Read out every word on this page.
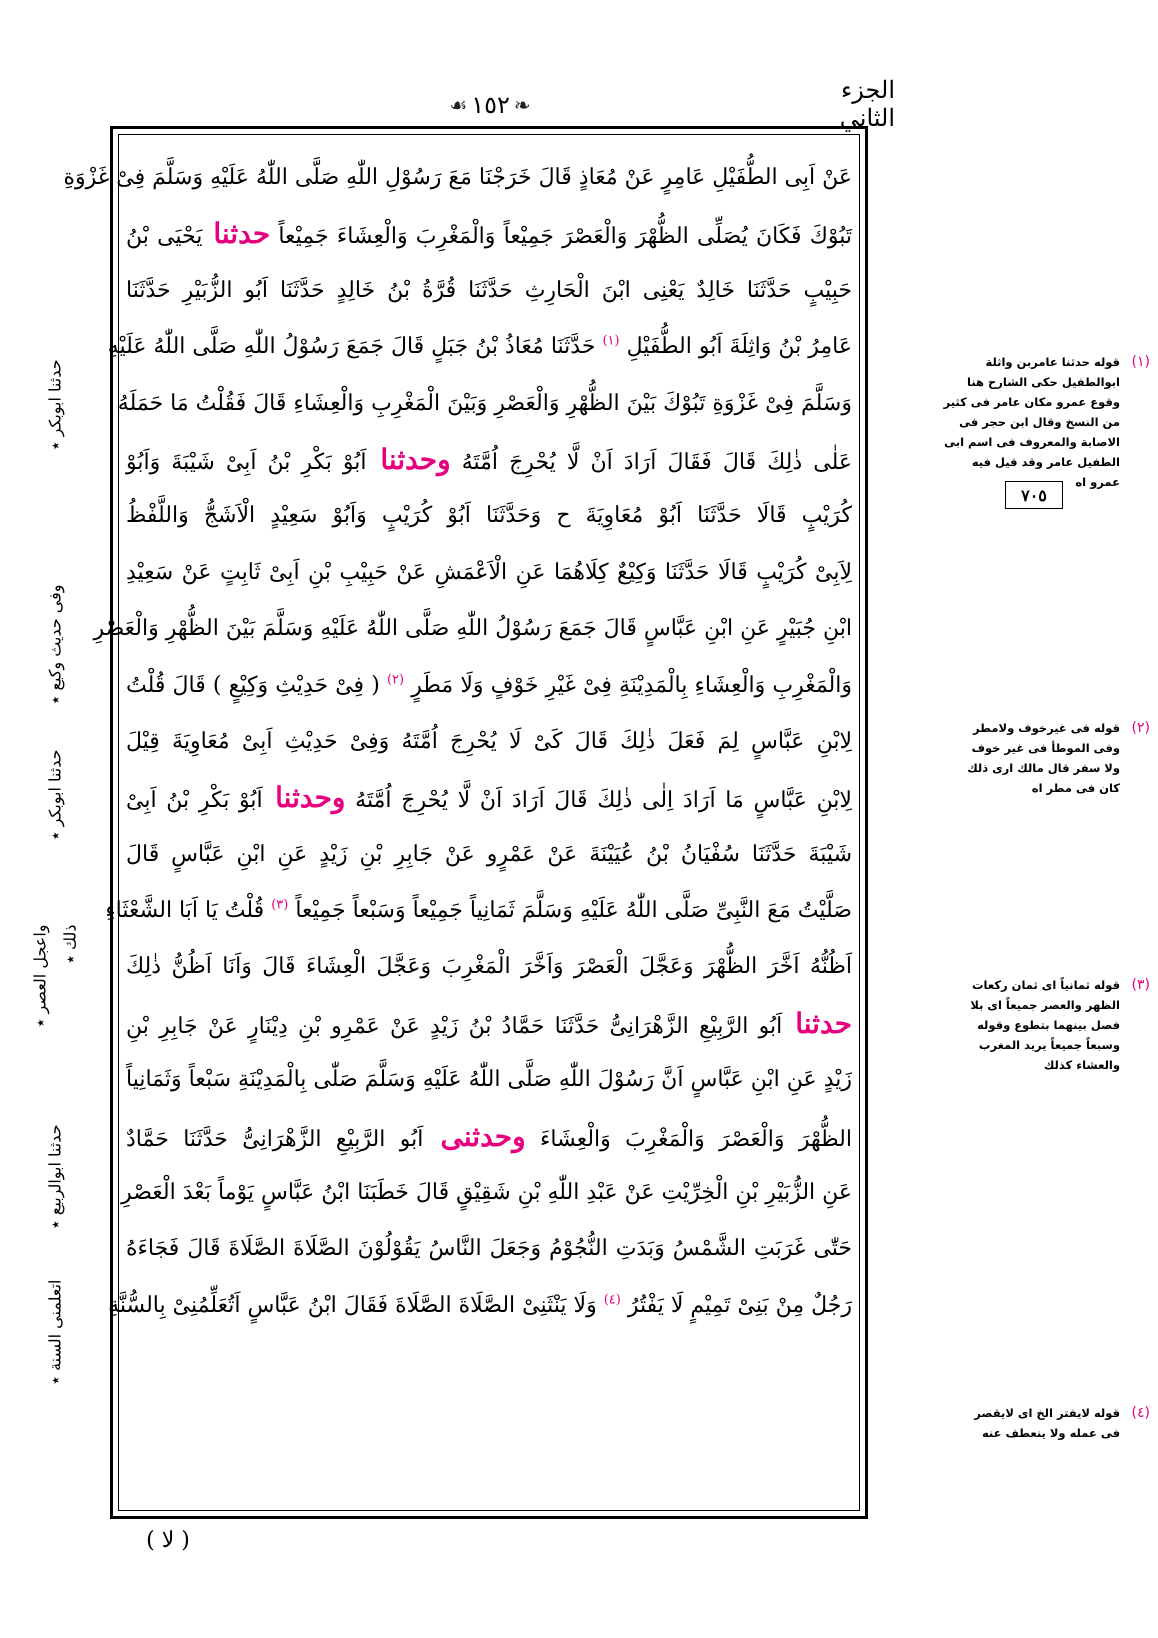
الجزء الثاني
❧
١٥٢
☙
عَنْ اَبِى الطُّفَيْلِ عَامِرٍ عَنْ مُعَاذٍ قَالَ خَرَجْنَا مَعَ رَسُوْلِ اللّٰهِ صَلَّى اللّٰهُ عَلَيْهِ وَسَلَّمَ فِىْ غَزْوَةِ
تَبُوْكَ فَكَانَ يُصَلِّى الظُّهْرَ وَالْعَصْرَ جَمِيْعاً وَالْمَغْرِبَ وَالْعِشَاءَ جَمِيْعاً حدثنا يَحْيَى بْنُ
حَبِيْبٍ حَدَّثَنَا خَالِدٌ يَعْنِى ابْنَ الْحَارِثِ حَدَّثَنَا قُرَّةُ بْنُ خَالِدٍ حَدَّثَنَا اَبُو الزُّبَيْرِ حَدَّثَنَا
عَامِرُ بْنُ وَاثِلَةَ اَبُو الطُّفَيْلِ $^{(١)}$ حَدَّثَنَا مُعَاذُ بْنُ جَبَلٍ قَالَ جَمَعَ رَسُوْلُ اللّٰهِ صَلَّى اللّٰهُ عَلَيْهِ
وَسَلَّمَ فِىْ غَزْوَةِ تَبُوْكَ بَيْنَ الظُّهْرِ وَالْعَصْرِ وَبَيْنَ الْمَغْرِبِ وَالْعِشَاءِ قَالَ فَقُلْتُ مَا حَمَلَهُ
عَلٰى ذٰلِكَ قَالَ فَقَالَ اَرَادَ اَنْ لَّا يُحْرِجَ اُمَّتَهُ وحدثنا اَبُوْ بَكْرِ بْنُ اَبِىْ شَيْبَةَ وَاَبُوْ
كُرَيْبٍ قَالَا حَدَّثَنَا اَبُوْ مُعَاوِيَةَ ح وَحَدَّثَنَا اَبُوْ كُرَيْبٍ وَاَبُوْ سَعِيْدٍ الْاَشَجُّ وَاللَّفْظُ
لِاَبِىْ كُرَيْبٍ قَالَا حَدَّثَنَا وَكِيْعٌ كِلَاهُمَا عَنِ الْاَعْمَشِ عَنْ حَبِيْبِ بْنِ اَبِىْ ثَابِتٍ عَنْ سَعِيْدِ
ابْنِ جُبَيْرٍ عَنِ ابْنِ عَبَّاسٍ قَالَ جَمَعَ رَسُوْلُ اللّٰهِ صَلَّى اللّٰهُ عَلَيْهِ وَسَلَّمَ بَيْنَ الظُّهْرِ وَالْعَصْرِ
وَالْمَغْرِبِ وَالْعِشَاءِ بِالْمَدِيْنَةِ فِىْ غَيْرِ خَوْفٍ وَلَا مَطَرٍ $^{(٢)}$ ( فِىْ حَدِيْثِ وَكِيْعٍ ) قَالَ قُلْتُ
لِابْنِ عَبَّاسٍ لِمَ فَعَلَ ذٰلِكَ قَالَ كَىْ لَا يُحْرِجَ اُمَّتَهُ وَفِىْ حَدِيْثِ اَبِىْ مُعَاوِيَةَ قِيْلَ
لِابْنِ عَبَّاسٍ مَا اَرَادَ اِلٰى ذٰلِكَ قَالَ اَرَادَ اَنْ لَّا يُحْرِجَ اُمَّتَهُ وحدثنا اَبُوْ بَكْرِ بْنُ اَبِىْ
شَيْبَةَ حَدَّثَنَا سُفْيَانُ بْنُ عُيَيْنَةَ عَنْ عَمْرٍو عَنْ جَابِرِ بْنِ زَيْدٍ عَنِ ابْنِ عَبَّاسٍ قَالَ
صَلَّيْتُ مَعَ النَّبِىِّ صَلَّى اللّٰهُ عَلَيْهِ وَسَلَّمَ ثَمَانِياً جَمِيْعاً وَسَبْعاً جَمِيْعاً $^{(٣)}$ قُلْتُ يَا اَبَا الشَّعْثَاءِ
اَظُنُّهُ اَخَّرَ الظُّهْرَ وَعَجَّلَ الْعَصْرَ وَاَخَّرَ الْمَغْرِبَ وَعَجَّلَ الْعِشَاءَ قَالَ وَاَنَا اَظُنُّ ذٰلِكَ
حدثنا اَبُو الرَّبِيْعِ الزَّهْرَانِىُّ حَدَّثَنَا حَمَّادُ بْنُ زَيْدٍ عَنْ عَمْرِو بْنِ دِيْنَارٍ عَنْ جَابِرِ بْنِ
زَيْدٍ عَنِ ابْنِ عَبَّاسٍ اَنَّ رَسُوْلَ اللّٰهِ صَلَّى اللّٰهُ عَلَيْهِ وَسَلَّمَ صَلّٰى بِالْمَدِيْنَةِ سَبْعاً وَثَمَانِياً
الظُّهْرَ وَالْعَصْرَ وَالْمَغْرِبَ وَالْعِشَاءَ وحدثنى اَبُو الرَّبِيْعِ الزَّهْرَانِىُّ حَدَّثَنَا حَمَّادٌ
عَنِ الزُّبَيْرِ بْنِ الْخِرِّيْتِ عَنْ عَبْدِ اللّٰهِ بْنِ شَقِيْقٍ قَالَ خَطَبَنَا ابْنُ عَبَّاسٍ يَوْماً بَعْدَ الْعَصْرِ
حَتّٰى غَرَبَتِ الشَّمْسُ وَبَدَتِ النُّجُوْمُ وَجَعَلَ النَّاسُ يَقُوْلُوْنَ الصَّلَاةَ الصَّلَاةَ قَالَ فَجَاءَهُ
رَجُلٌ مِنْ بَنِىْ تَمِيْمٍ لَا يَفْتُرُ $^{(٤)}$ وَلَا يَنْثَنِىْ الصَّلَاةَ الصَّلَاةَ فَقَالَ ابْنُ عَبَّاسٍ اَتُعَلِّمُنِىْ بِالسُّنَّةِ
(١)
قوله حدثنا عامربن واثلة ابوالطفيل حكى الشارح هنا وقوع عمرو مكان عامر فى كثير من النسخ وقال ابن حجر فى الاصابة والمعروف فى اسم ابى الطفيل عامر وقد قيل فيه عمرو اه
٧٠٥
(٢)
قوله فى غيرخوف ولامطر وفى الموطأ فى غير خوف ولا سفر قال مالك ارى ذلك كان فى مطر اه
(٣)
قوله ثمانياً اى ثمان ركعات الظهر والعصر جميعاً اى بلا فصل بينهما بتطوع وقوله وسبعاً جميعاً يريد المغرب والعشاء كذلك
(٤)
قوله لايفتر الخ اى لايقصر فى عمله ولا ينعطف عنه
حدثنا ابوبكر ٭
وفى حديث وكيع ٭
حدثنا ابوبكر ٭
ذلك ٭
واعجل العصر ٭
حدثنا ابوالربيع ٭
اتعلمنى السنة ٭
( لا )
